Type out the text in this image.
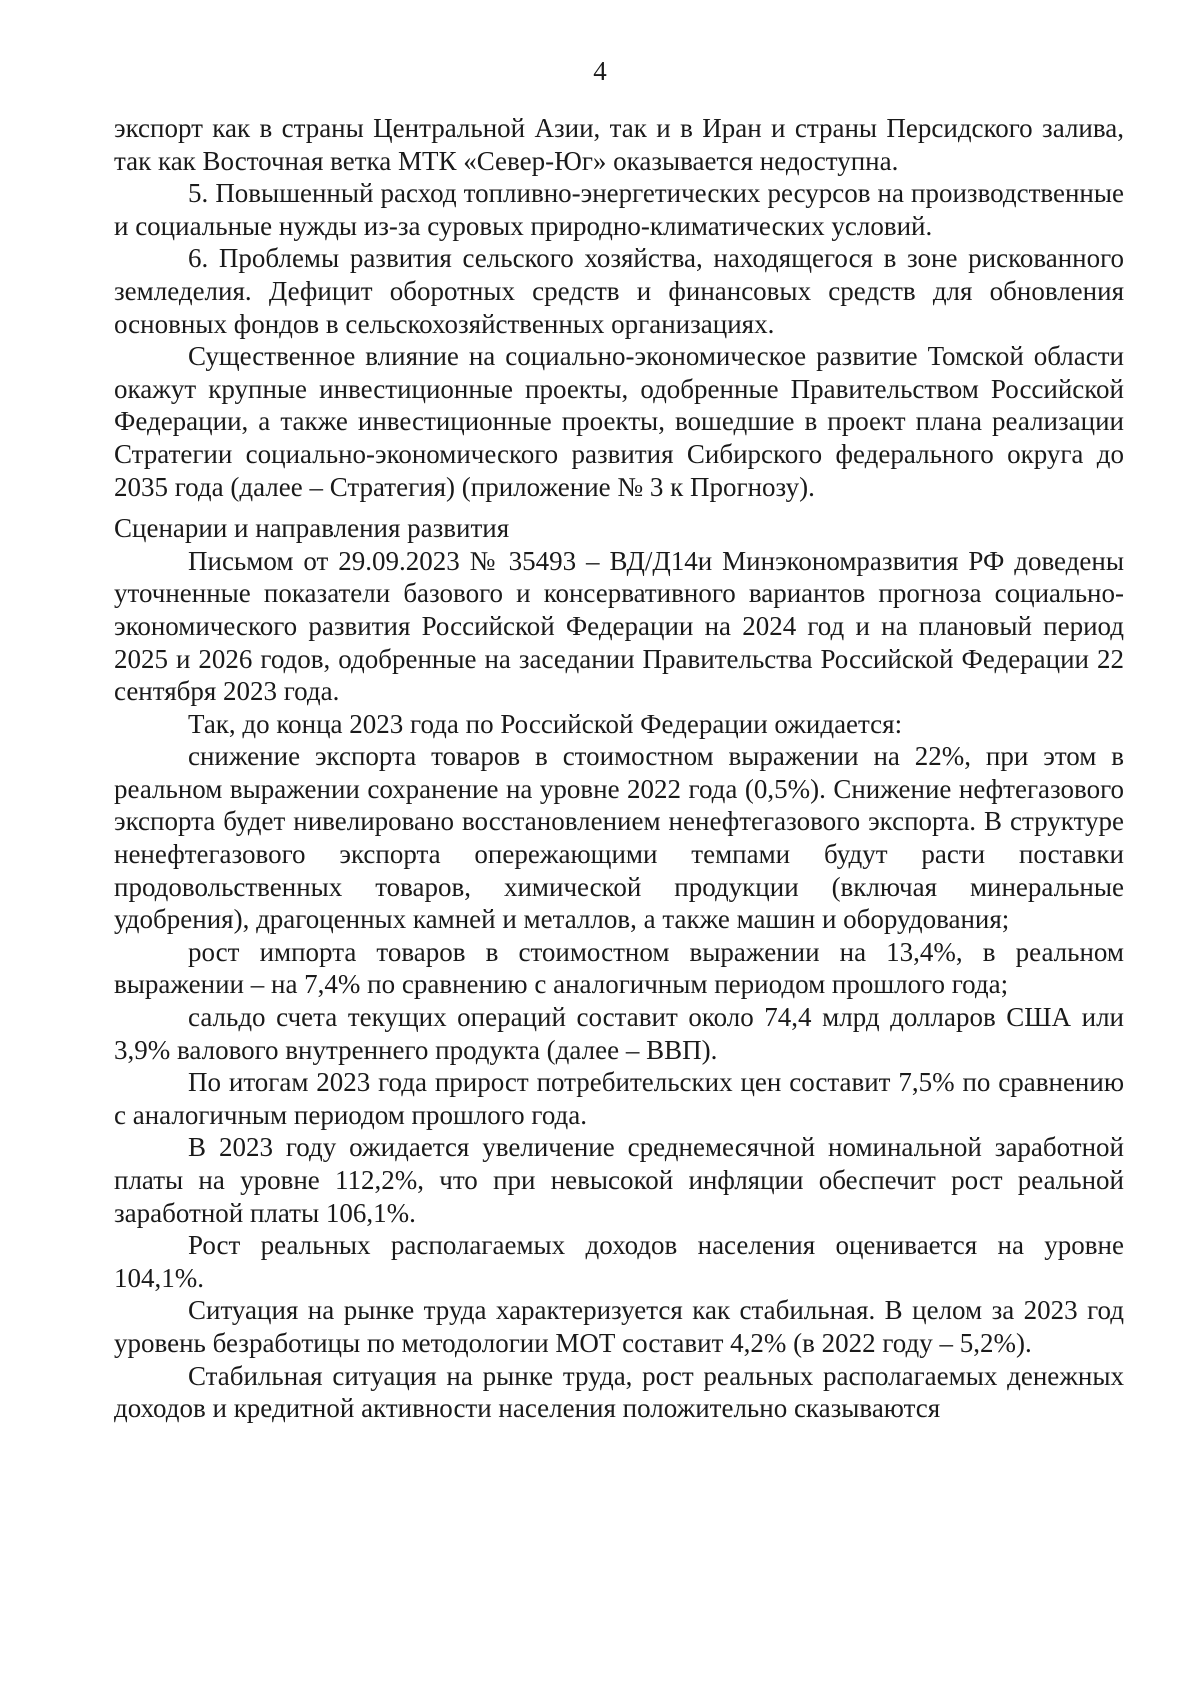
4

экспорт как в страны Центральной Азии, так и в Иран и страны Персидского залива, так как Восточная ветка МТК «Север-Юг» оказывается недоступна.

5. Повышенный расход топливно-энергетических ресурсов на производственные и социальные нужды из-за суровых природно-климатических условий.

6. Проблемы развития сельского хозяйства, находящегося в зоне рискованного земледелия. Дефицит оборотных средств и финансовых средств для обновления основных фондов в сельскохозяйственных организациях.

Существенное влияние на социально-экономическое развитие Томской области окажут крупные инвестиционные проекты, одобренные Правительством Российской Федерации, а также инвестиционные проекты, вошедшие в проект плана реализации Стратегии социально-экономического развития Сибирского федерального округа до 2035 года (далее – Стратегия) (приложение № 3 к Прогнозу).

Сценарии и направления развития

Письмом от 29.09.2023 № 35493 – ВД/Д14и Минэкономразвития РФ доведены уточненные показатели базового и консервативного вариантов прогноза социально-экономического развития Российской Федерации на 2024 год и на плановый период 2025 и 2026 годов, одобренные на заседании Правительства Российской Федерации 22 сентября 2023 года.

Так, до конца 2023 года по Российской Федерации ожидается:

снижение экспорта товаров в стоимостном выражении на 22%, при этом в реальном выражении сохранение на уровне 2022 года (0,5%). Снижение нефтегазового экспорта будет нивелировано восстановлением ненефтегазового экспорта. В структуре ненефтегазового экспорта опережающими темпами будут расти поставки продовольственных товаров, химической продукции (включая минеральные удобрения), драгоценных камней и металлов, а также машин и оборудования;

рост импорта товаров в стоимостном выражении на 13,4%, в реальном выражении – на 7,4% по сравнению с аналогичным периодом прошлого года;

сальдо счета текущих операций составит около 74,4 млрд долларов США или 3,9% валового внутреннего продукта (далее – ВВП).

По итогам 2023 года прирост потребительских цен составит 7,5% по сравнению с аналогичным периодом прошлого года.

В 2023 году ожидается увеличение среднемесячной номинальной заработной платы на уровне 112,2%, что при невысокой инфляции обеспечит рост реальной заработной платы 106,1%.

Рост реальных располагаемых доходов населения оценивается на уровне 104,1%.

Ситуация на рынке труда характеризуется как стабильная. В целом за 2023 год уровень безработицы по методологии МОТ составит 4,2% (в 2022 году – 5,2%).

Стабильная ситуация на рынке труда, рост реальных располагаемых денежных доходов и кредитной активности населения положительно сказываются
